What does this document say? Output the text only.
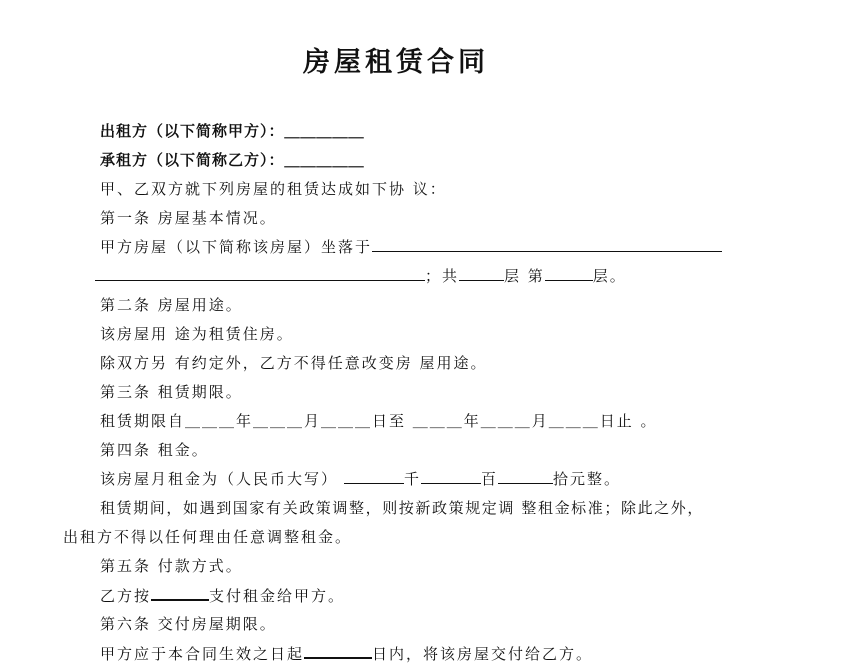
房屋租赁合同
出租方（以下简称甲方）：＿＿＿＿＿
承租方（以下简称乙方）：＿＿＿＿＿
甲、乙双方就下列房屋的租赁达成如下协 议：
第一条 房屋基本情况。
甲方房屋（以下简称该房屋）坐落于
；共	层 第	层。
第二条 房屋用途。
该房屋用 途为租赁住房。
除双方另 有约定外，乙方不得任意改变房 屋用途。
第三条 租赁期限。
租赁期限自＿＿＿年＿＿＿月＿＿＿日至 ＿＿＿年＿＿＿月＿＿＿日止 。
第四条 租金。
该房屋月租金为（人民币大写）	千	百	拾元整。
租赁期间，如遇到国家有关政策调整，则按新政策规定调 整租金标准；除此之外，
出租方不得以任何理由任意调整租金。
第五条 付款方式。
乙方按	支付租金给甲方。
第六条 交付房屋期限。
甲方应于本合同生效之日起	日内，将该房屋交付给乙方。
